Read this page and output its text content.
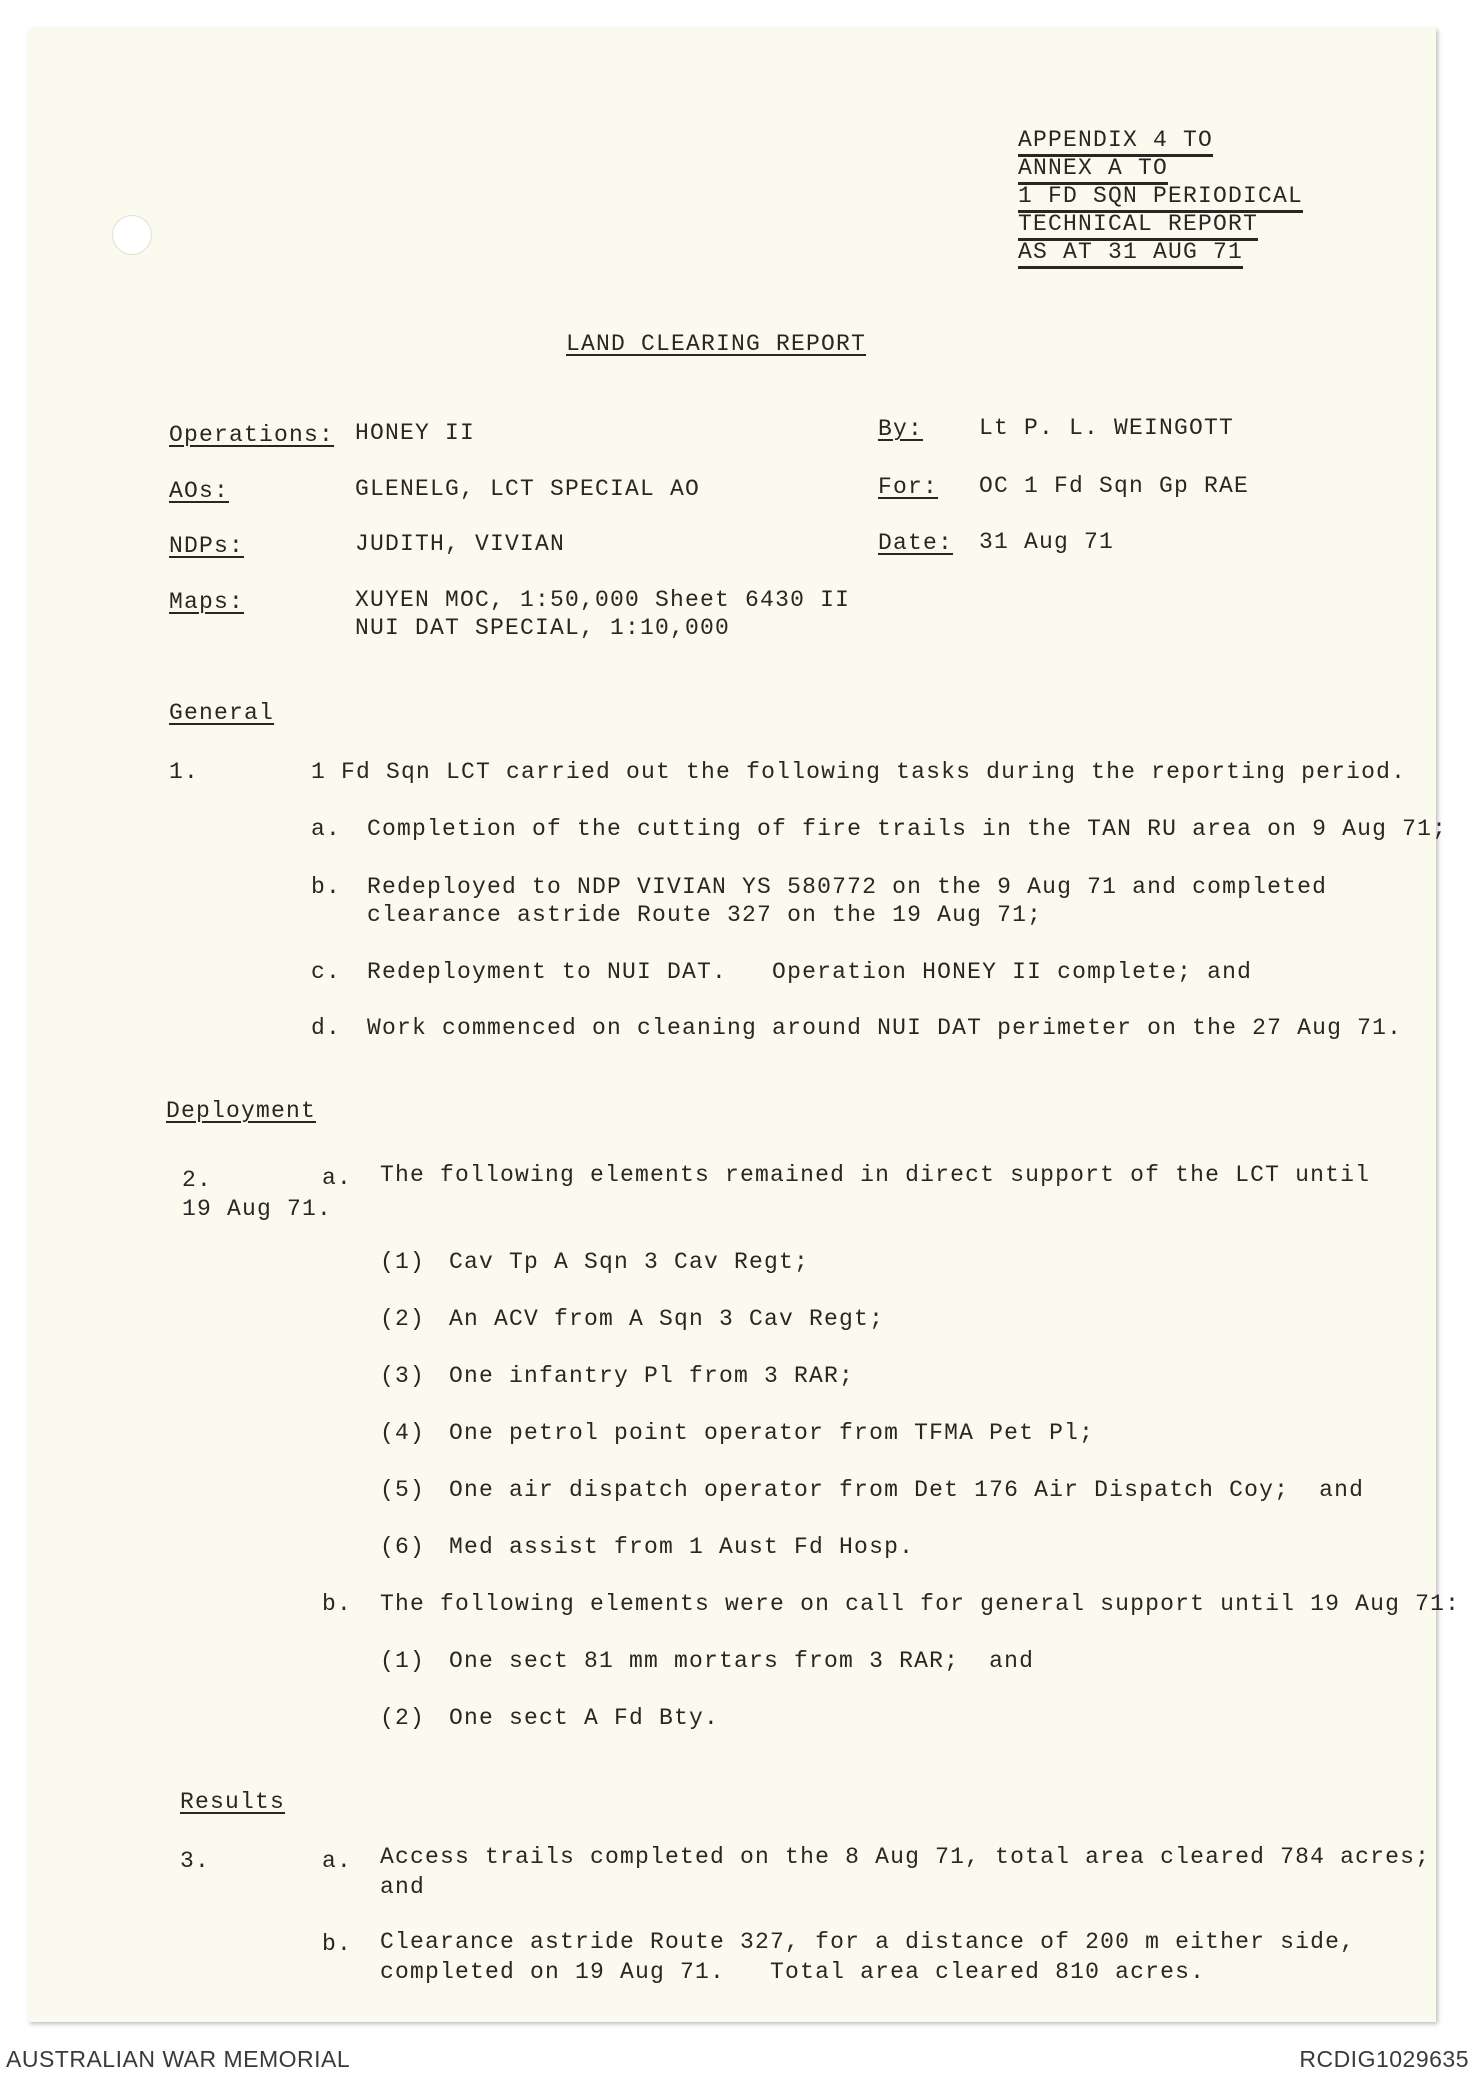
APPENDIX 4 TO
ANNEX A TO
1 FD SQN PERIODICAL
TECHNICAL REPORT
AS AT 31 AUG 71
LAND CLEARING REPORT
Operations: HONEY II
AOs:	GLENELG, LCT SPECIAL AO
NDPs:	JUDITH, VIVIAN
Maps:	XUYEN MOC, 1:50,000 Sheet 6430 II
NUI DAT SPECIAL, 1:10,000
By: Lt P. L. WEINGOTT
For: OC 1 Fd Sqn Gp RAE
Date: 31 Aug 71
General
1.	1 Fd Sqn LCT carried out the following tasks during the reporting period.
a. Completion of the cutting of fire trails in the TAN RU area on 9 Aug 71;
b. Redeployed to NDP VIVIAN YS 580772 on the 9 Aug 71 and completed
clearance astride Route 327 on the 19 Aug 71;
c. Redeployment to NUI DAT.   Operation HONEY II complete; and
d. Work commenced on cleaning around NUI DAT perimeter on the 27 Aug 71.
Deployment
2.	a. The following elements remained in direct support of the LCT until
19 Aug 71.
(1) Cav Tp A Sqn 3 Cav Regt;
(2) An ACV from A Sqn 3 Cav Regt;
(3) One infantry Pl from 3 RAR;
(4) One petrol point operator from TFMA Pet Pl;
(5) One air dispatch operator from Det 176 Air Dispatch Coy;  and
(6) Med assist from 1 Aust Fd Hosp.
b. The following elements were on call for general support until 19 Aug 71:
(1) One sect 81 mm mortars from 3 RAR;  and
(2) One sect A Fd Bty.
Results
3.	a. Access trails completed on the 8 Aug 71, total area cleared 784 acres;
and
b. Clearance astride Route 327, for a distance of 200 m either side,
completed on 19 Aug 71.   Total area cleared 810 acres.
AUSTRALIAN WAR MEMORIAL	RCDIG1029635
